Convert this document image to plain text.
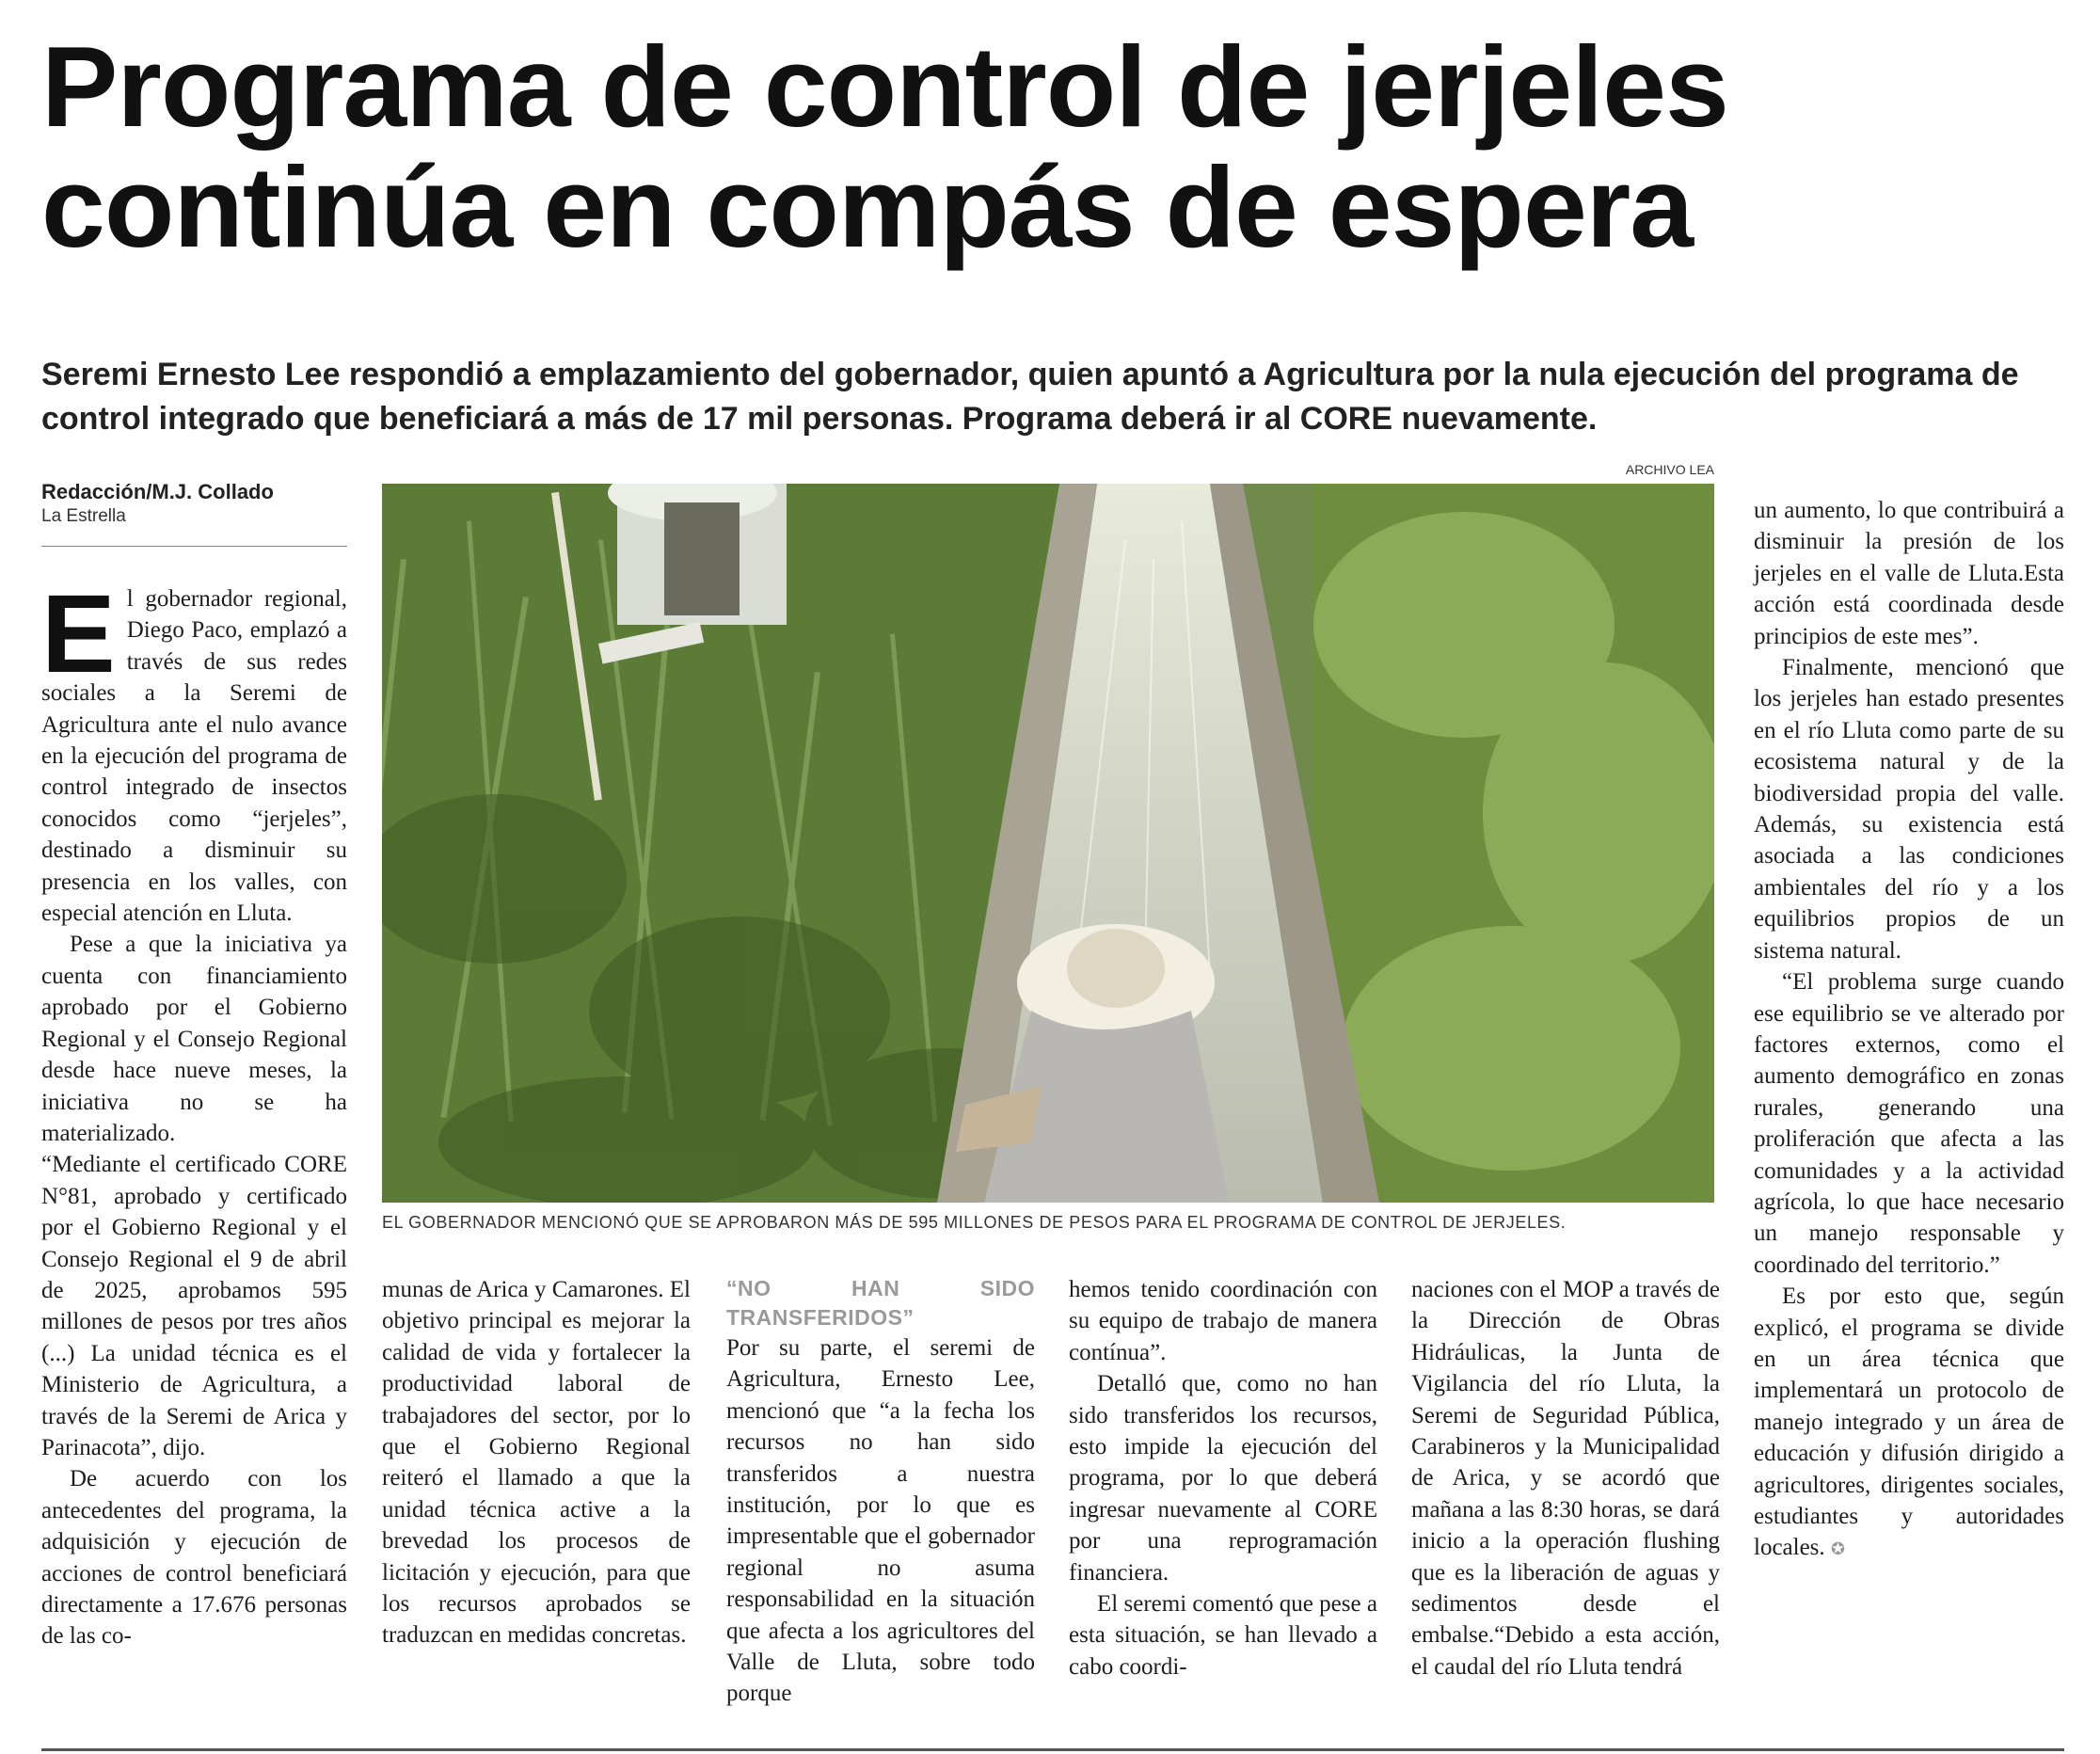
Programa de control de jerjeles
continúa en compás de espera

Seremi Ernesto Lee respondió a emplazamiento del gobernador, quien apuntó a Agricultura por la nula ejecución del programa de control integrado que beneficiará a más de 17 mil personas. Programa deberá ir al CORE nuevamente.

Redacción/M.J. Collado
La Estrella

El gobernador regional, Diego Paco, emplazó a través de sus redes sociales a la Seremi de Agricultura ante el nulo avance en la ejecución del programa de control integrado de insectos conocidos como “jerjeles”, destinado a disminuir su presencia en los valles, con especial atención en Lluta.

Pese a que la iniciativa ya cuenta con financiamiento aprobado por el Gobierno Regional y el Consejo Regional desde hace nueve meses, la iniciativa no se ha materializado.

“Mediante el certificado CORE N°81, aprobado y certificado por el Gobierno Regional y el Consejo Regional el 9 de abril de 2025, aprobamos 595 millones de pesos por tres años (...) La unidad técnica es el Ministerio de Agricultura, a través de la Seremi de Arica y Parinacota”, dijo.

De acuerdo con los antecedentes del programa, la adquisición y ejecución de acciones de control beneficiará directamente a 17.676 personas de las co-

ARCHIVO LEA
EL GOBERNADOR MENCIONÓ QUE SE APROBARON MÁS DE 595 MILLONES DE PESOS PARA EL PROGRAMA DE CONTROL DE JERJELES.

munas de Arica y Camarones. El objetivo principal es mejorar la calidad de vida y fortalecer la productividad laboral de trabajadores del sector, por lo que el Gobierno Regional reiteró el llamado a que la unidad técnica active a la brevedad los procesos de licitación y ejecución, para que los recursos aprobados se traduzcan en medidas concretas.

“NO HAN SIDO TRANSFERIDOS”

Por su parte, el seremi de Agricultura, Ernesto Lee, mencionó que “a la fecha los recursos no han sido transferidos a nuestra institución, por lo que es impresentable que el gobernador regional no asuma responsabilidad en la situación que afecta a los agricultores del Valle de Lluta, sobre todo porque

hemos tenido coordinación con su equipo de trabajo de manera contínua”.

Detalló que, como no han sido transferidos los recursos, esto impide la ejecución del programa, por lo que deberá ingresar nuevamente al CORE por una reprogramación financiera.

El seremi comentó que pese a esta situación, se han llevado a cabo coordi-

naciones con el MOP a través de la Dirección de Obras Hidráulicas, la Junta de Vigilancia del río Lluta, la Seremi de Seguridad Pública, Carabineros y la Municipalidad de Arica, y se acordó que mañana a las 8:30 horas, se dará inicio a la operación flushing que es la liberación de aguas y sedimentos desde el embalse.“Debido a esta acción, el caudal del río Lluta tendrá

un aumento, lo que contribuirá a disminuir la presión de los jerjeles en el valle de Lluta.Esta acción está coordinada desde principios de este mes”.

Finalmente, mencionó que los jerjeles han estado presentes en el río Lluta como parte de su ecosistema natural y de la biodiversidad propia del valle. Además, su existencia está asociada a las condiciones ambientales del río y a los equilibrios propios de un sistema natural.

“El problema surge cuando ese equilibrio se ve alterado por factores externos, como el aumento demográfico en zonas rurales, generando una proliferación que afecta a las comunidades y a la actividad agrícola, lo que hace necesario un manejo responsable y coordinado del territorio.”

Es por esto que, según explicó, el programa se divide en un área técnica que implementará un protocolo de manejo integrado y un área de educación y difusión dirigido a agricultores, dirigentes sociales, estudiantes y autoridades locales. ✪
